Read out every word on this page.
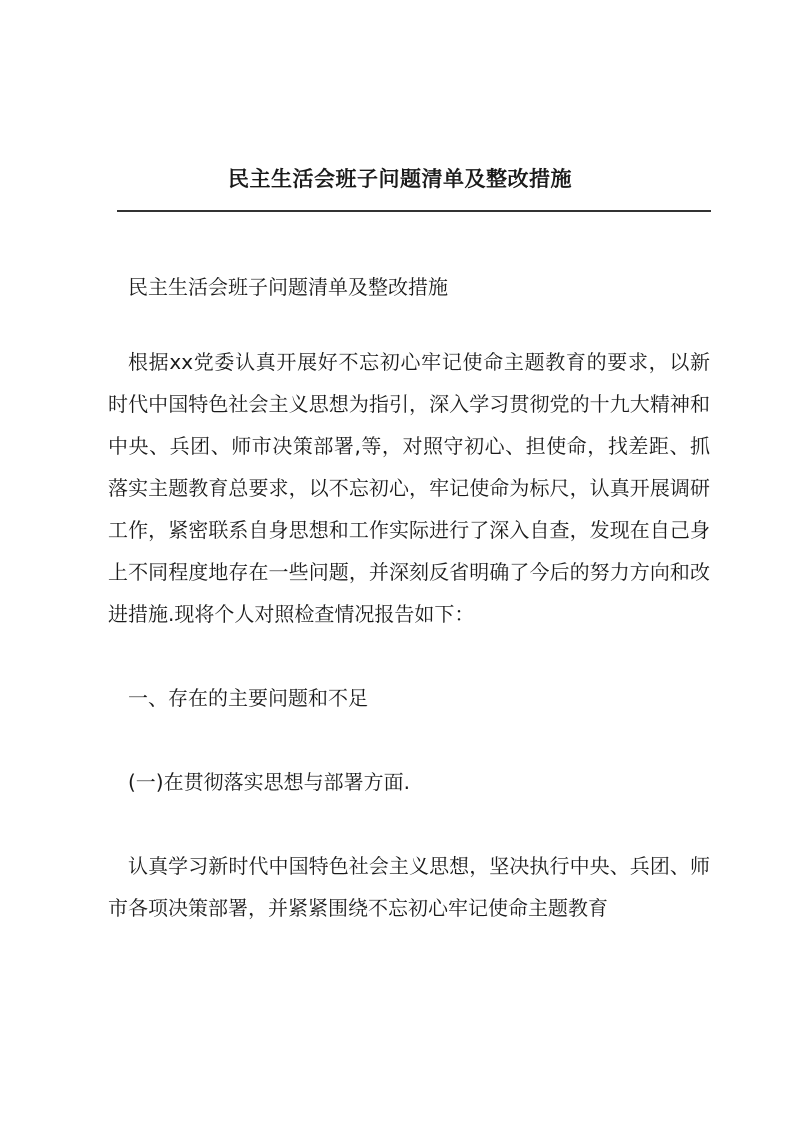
民主生活会班子问题清单及整改措施

民主生活会班子问题清单及整改措施

根据xx党委认真开展好不忘初心牢记使命主题教育的要求，以新时代中国特色社会主义思想为指引，深入学习贯彻党的十九大精神和中央、兵团、师市决策部署,等，对照守初心、担使命，找差距、抓落实主题教育总要求，以不忘初心，牢记使命为标尺，认真开展调研工作，紧密联系自身思想和工作实际进行了深入自查，发现在自己身上不同程度地存在一些问题，并深刻反省明确了今后的努力方向和改进措施.现将个人对照检查情况报告如下：

一、存在的主要问题和不足

(一)在贯彻落实思想与部署方面.

认真学习新时代中国特色社会主义思想，坚决执行中央、兵团、师市各项决策部署，并紧紧围绕不忘初心牢记使命主题教育
